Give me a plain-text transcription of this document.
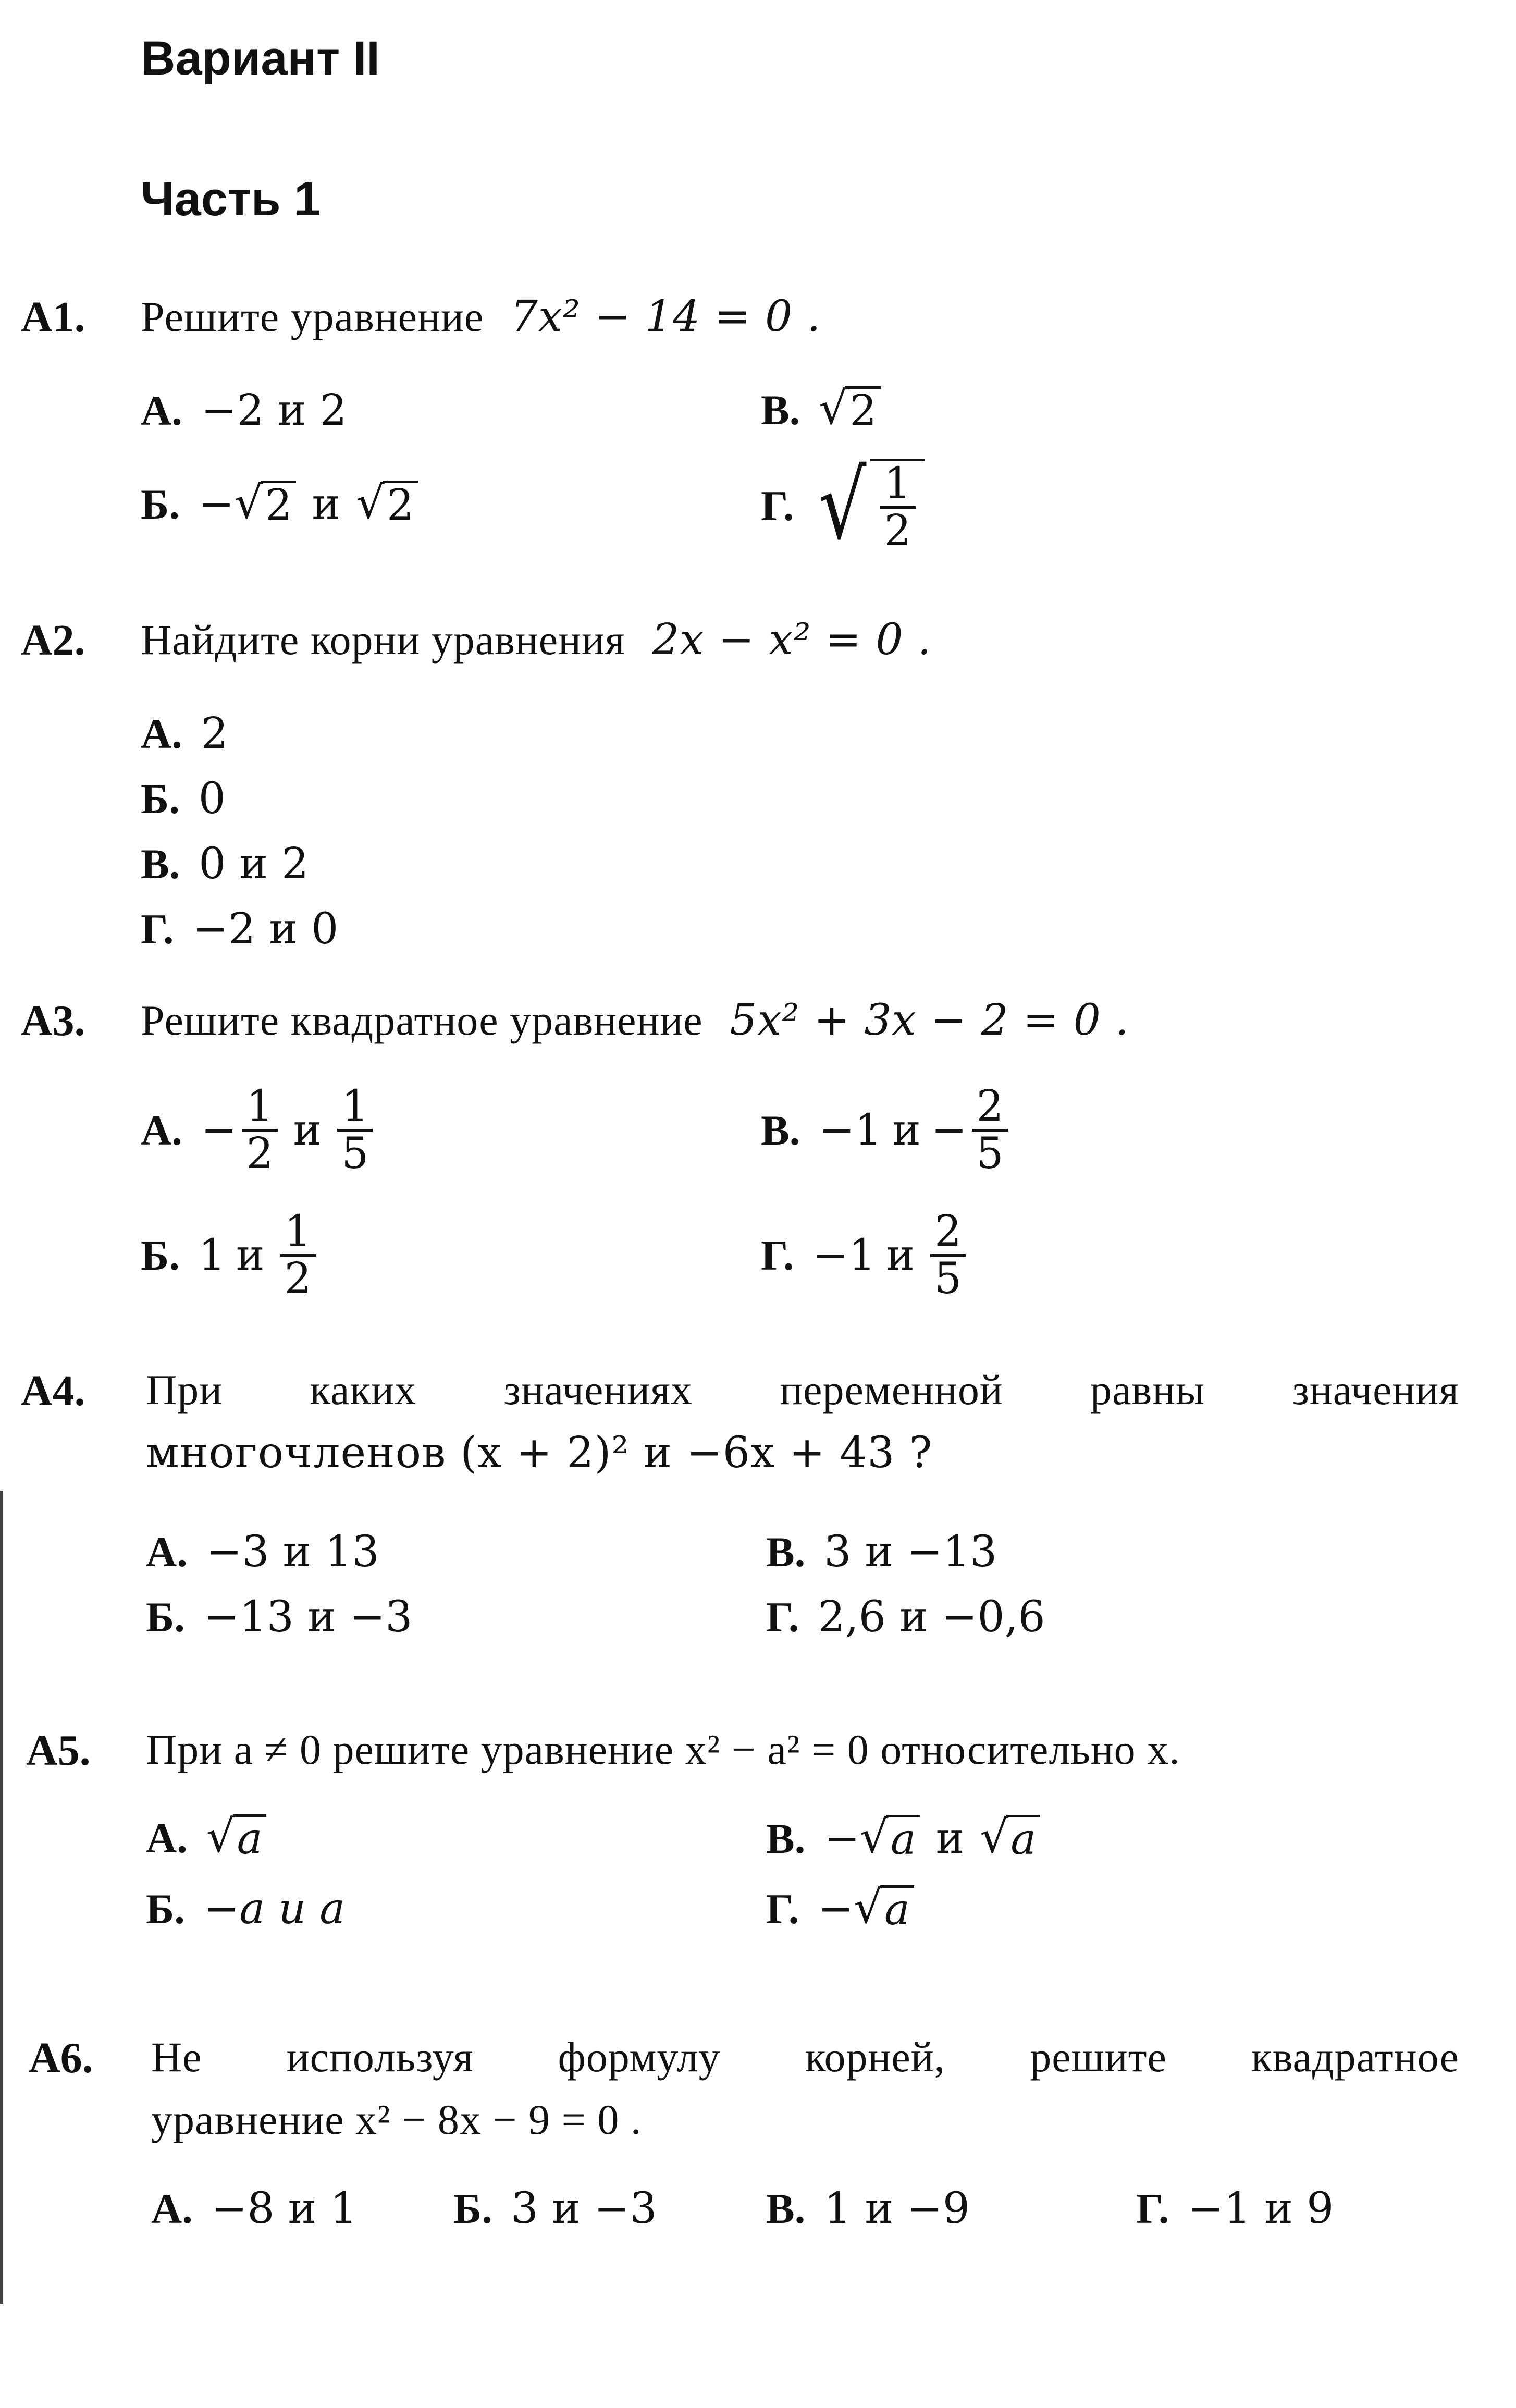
Вариант II
Часть 1
А1. Решите уравнение 7x² − 14 = 0 .
А. −2 и 2	В. √ 2
Б. − √ 2 и √ 2	Г. √ $\frac{1}{2}$
А2. Найдите корни уравнения 2x − x² = 0 .
А. 2
Б. 0
В. 0 и 2
Г. −2 и 0
А3. Решите квадратное уравнение 5x² + 3x − 2 = 0 .
А. − $\frac{1}{2}$ и $\frac{1}{5}$	В. −1 $и - \frac{2}{5}$
Б. 1 и $\frac{1}{2}$	Г. −1 и $\frac{2}{5}$
А4. При каких значениях переменной равны значения
многочленов (x + 2)² и −6x + 43 ?
А. −3 и 13
Б. −13 и −3
В. 3 и −13
Г. 2,6 и −0,6
А5. При a ≠ 0 решите уравнение x² − a² = 0 относительно x.
А. √ a
Б. −a и a
В. − √ a и √ a
Г. − √ a
А6. Не используя формулу корней, решите квадратное
уравнение x² − 8x − 9 = 0 .
А. −8 и 1 Б. 3 и −3	В. 1 и −9	Г. −1 и 9
